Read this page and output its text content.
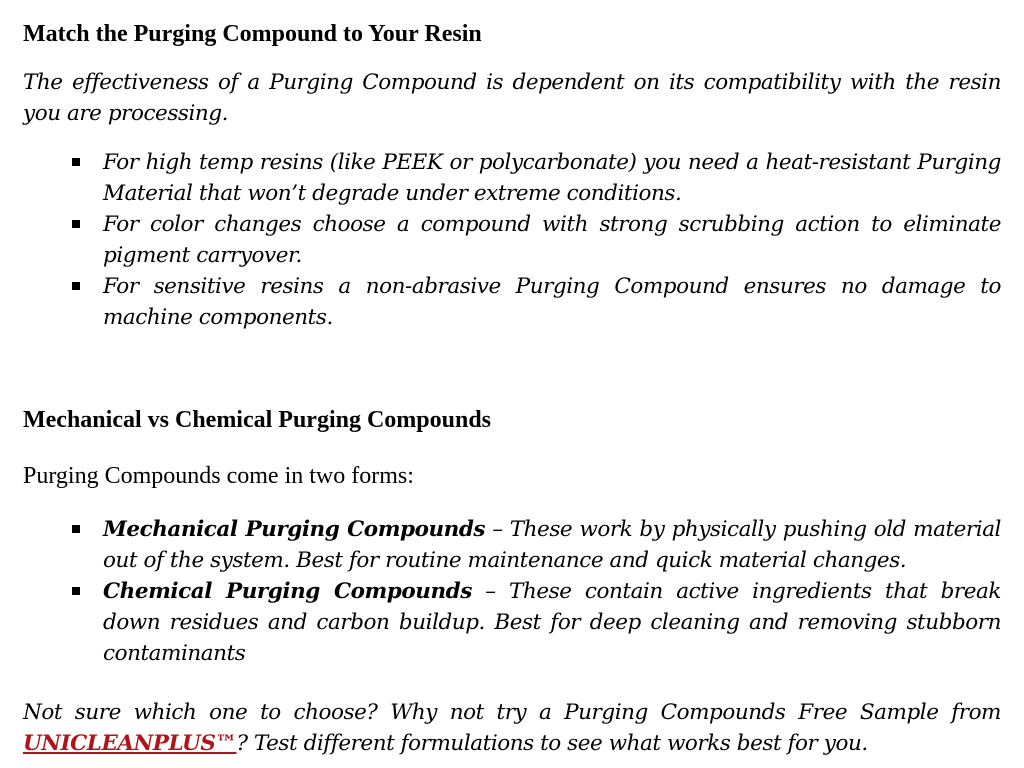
Match the Purging Compound to Your Resin

The effectiveness of a Purging Compound is dependent on its compatibility with the resin you are processing.

For high temp resins (like PEEK or polycarbonate) you need a heat-resistant Purging Material that won’t degrade under extreme conditions.
For color changes choose a compound with strong scrubbing action to eliminate pigment carryover.
For sensitive resins a non-abrasive Purging Compound ensures no damage to machine components.
Mechanical vs Chemical Purging Compounds

Purging Compounds come in two forms:

Mechanical Purging Compounds – These work by physically pushing old material out of the system. Best for routine maintenance and quick material changes.
Chemical Purging Compounds – These contain active ingredients that break down residues and carbon buildup. Best for deep cleaning and removing stubborn contaminants

Not sure which one to choose? Why not try a Purging Compounds Free Sample from UNICLEANPLUS™? Test different formulations to see what works best for you.
